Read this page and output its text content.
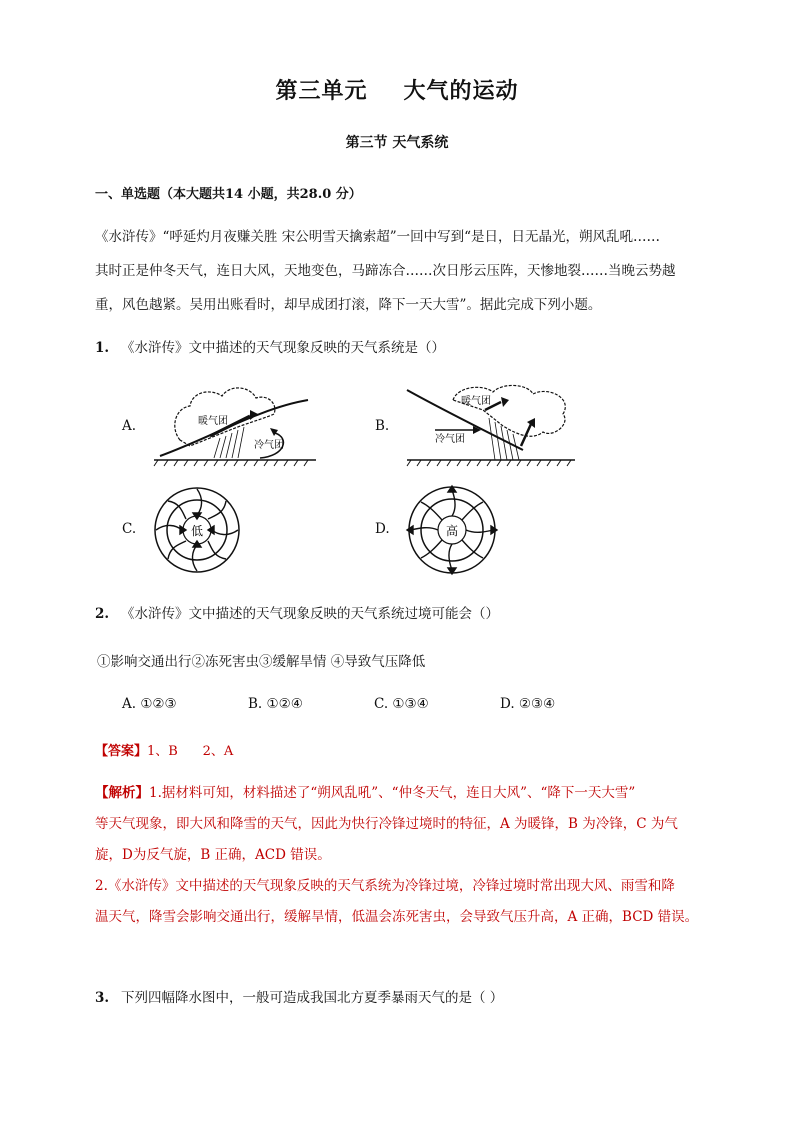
第三单元 大气的运动
第三节 天气系统
一、单选题（本大题共14 小题，共28.0 分）
《水浒传》“呼延灼月夜赚关胜 宋公明雪天擒索超”一回中写到“是日，日无晶光，朔风乱吼……
其时正是仲冬天气，连日大风，天地变色，马蹄冻合……次日彤云压阵，天惨地裂……当晚云势越
重，风色越紧。吴用出账看时，却早成团打滚，降下一天大雪”。据此完成下列小题。
1. 《水浒传》文中描述的天气现象反映的天气系统是（）
A.	暖气团
冷气团
B.
暖气团
冷气团
C.	低	D.	高
2. 《水浒传》文中描述的天气现象反映的天气系统过境可能会（）
①影响交通出行②冻死害虫③缓解旱情 ④导致气压降低
A. ①②③	B. ①②④	C. ①③④	D. ②③④
【答案】1、B      2、A
【解析】1.据材料可知，材料描述了“朔风乱吼”、“仲冬天气，连日大风”、“降下一天大雪”
等天气现象，即大风和降雪的天气，因此为快行冷锋过境时的特征，A 为暖锋，B 为冷锋，C 为气
旋，D为反气旋，B 正确，ACD 错误。
2.《水浒传》文中描述的天气现象反映的天气系统为冷锋过境，冷锋过境时常出现大风、雨雪和降
温天气，降雪会影响交通出行，缓解旱情，低温会冻死害虫，会导致气压升高，A 正确，BCD 错误。
3. 下列四幅降水图中，一般可造成我国北方夏季暴雨天气的是（ ）
